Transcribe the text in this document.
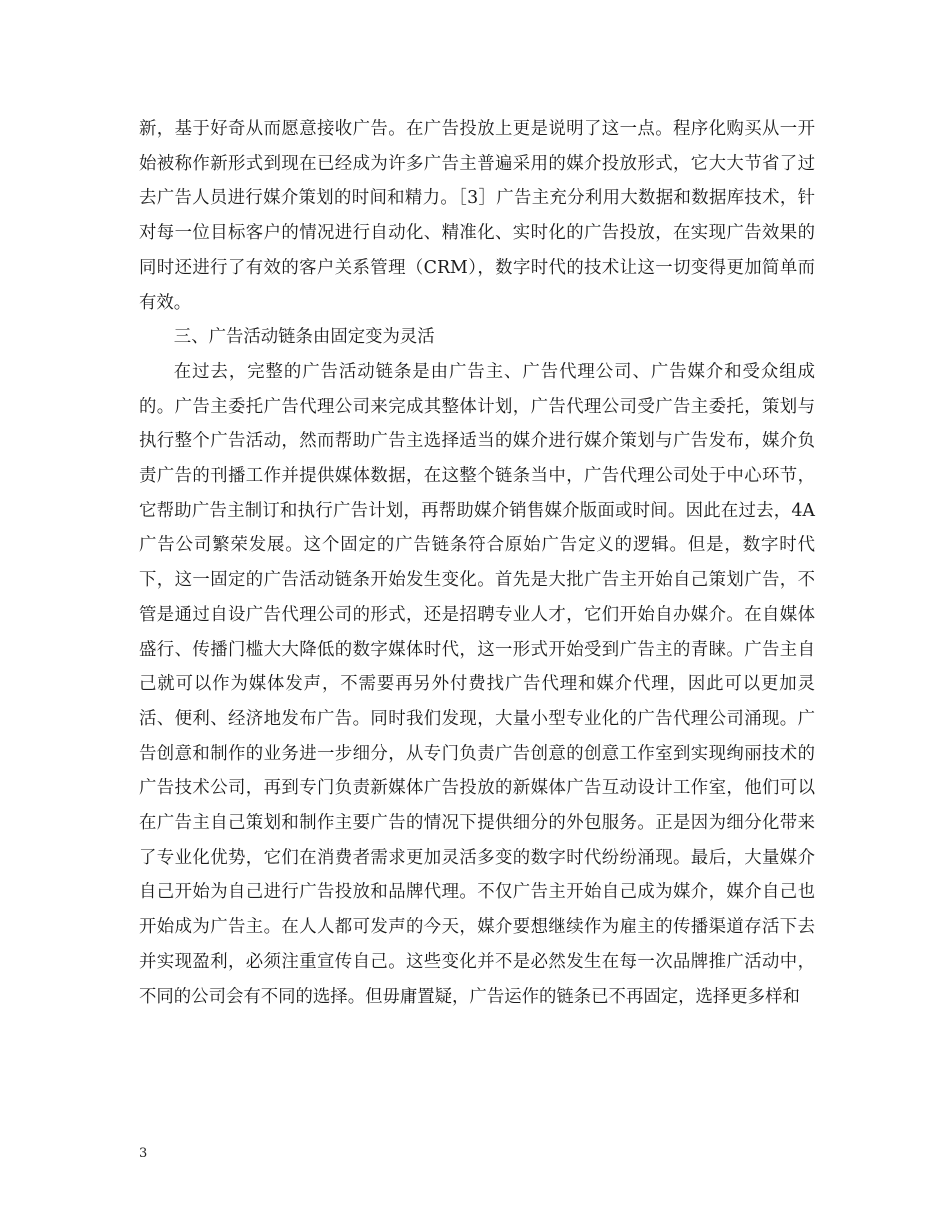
新，基于好奇从而愿意接收广告。在广告投放上更是说明了这一点。程序化购买从一开始被称作新形式到现在已经成为许多广告主普遍采用的媒介投放形式，它大大节省了过去广告人员进行媒介策划的时间和精力。［3］广告主充分利用大数据和数据库技术，针对每一位目标客户的情况进行自动化、精准化、实时化的广告投放，在实现广告效果的同时还进行了有效的客户关系管理（CRM），数字时代的技术让这一切变得更加简单而有效。

三、广告活动链条由固定变为灵活

在过去，完整的广告活动链条是由广告主、广告代理公司、广告媒介和受众组成的。广告主委托广告代理公司来完成其整体计划，广告代理公司受广告主委托，策划与执行整个广告活动，然而帮助广告主选择适当的媒介进行媒介策划与广告发布，媒介负责广告的刊播工作并提供媒体数据，在这整个链条当中，广告代理公司处于中心环节，它帮助广告主制订和执行广告计划，再帮助媒介销售媒介版面或时间。因此在过去，4A广告公司繁荣发展。这个固定的广告链条符合原始广告定义的逻辑。但是，数字时代下，这一固定的广告活动链条开始发生变化。首先是大批广告主开始自己策划广告，不管是通过自设广告代理公司的形式，还是招聘专业人才，它们开始自办媒介。在自媒体盛行、传播门槛大大降低的数字媒体时代，这一形式开始受到广告主的青睐。广告主自己就可以作为媒体发声，不需要再另外付费找广告代理和媒介代理，因此可以更加灵活、便利、经济地发布广告。同时我们发现，大量小型专业化的广告代理公司涌现。广告创意和制作的业务进一步细分，从专门负责广告创意的创意工作室到实现绚丽技术的广告技术公司，再到专门负责新媒体广告投放的新媒体广告互动设计工作室，他们可以在广告主自己策划和制作主要广告的情况下提供细分的外包服务。正是因为细分化带来了专业化优势，它们在消费者需求更加灵活多变的数字时代纷纷涌现。最后，大量媒介自己开始为自己进行广告投放和品牌代理。不仅广告主开始自己成为媒介，媒介自己也开始成为广告主。在人人都可发声的今天，媒介要想继续作为雇主的传播渠道存活下去并实现盈利，必须注重宣传自己。这些变化并不是必然发生在每一次品牌推广活动中，不同的公司会有不同的选择。但毋庸置疑，广告运作的链条已不再固定，选择更多样和

3
